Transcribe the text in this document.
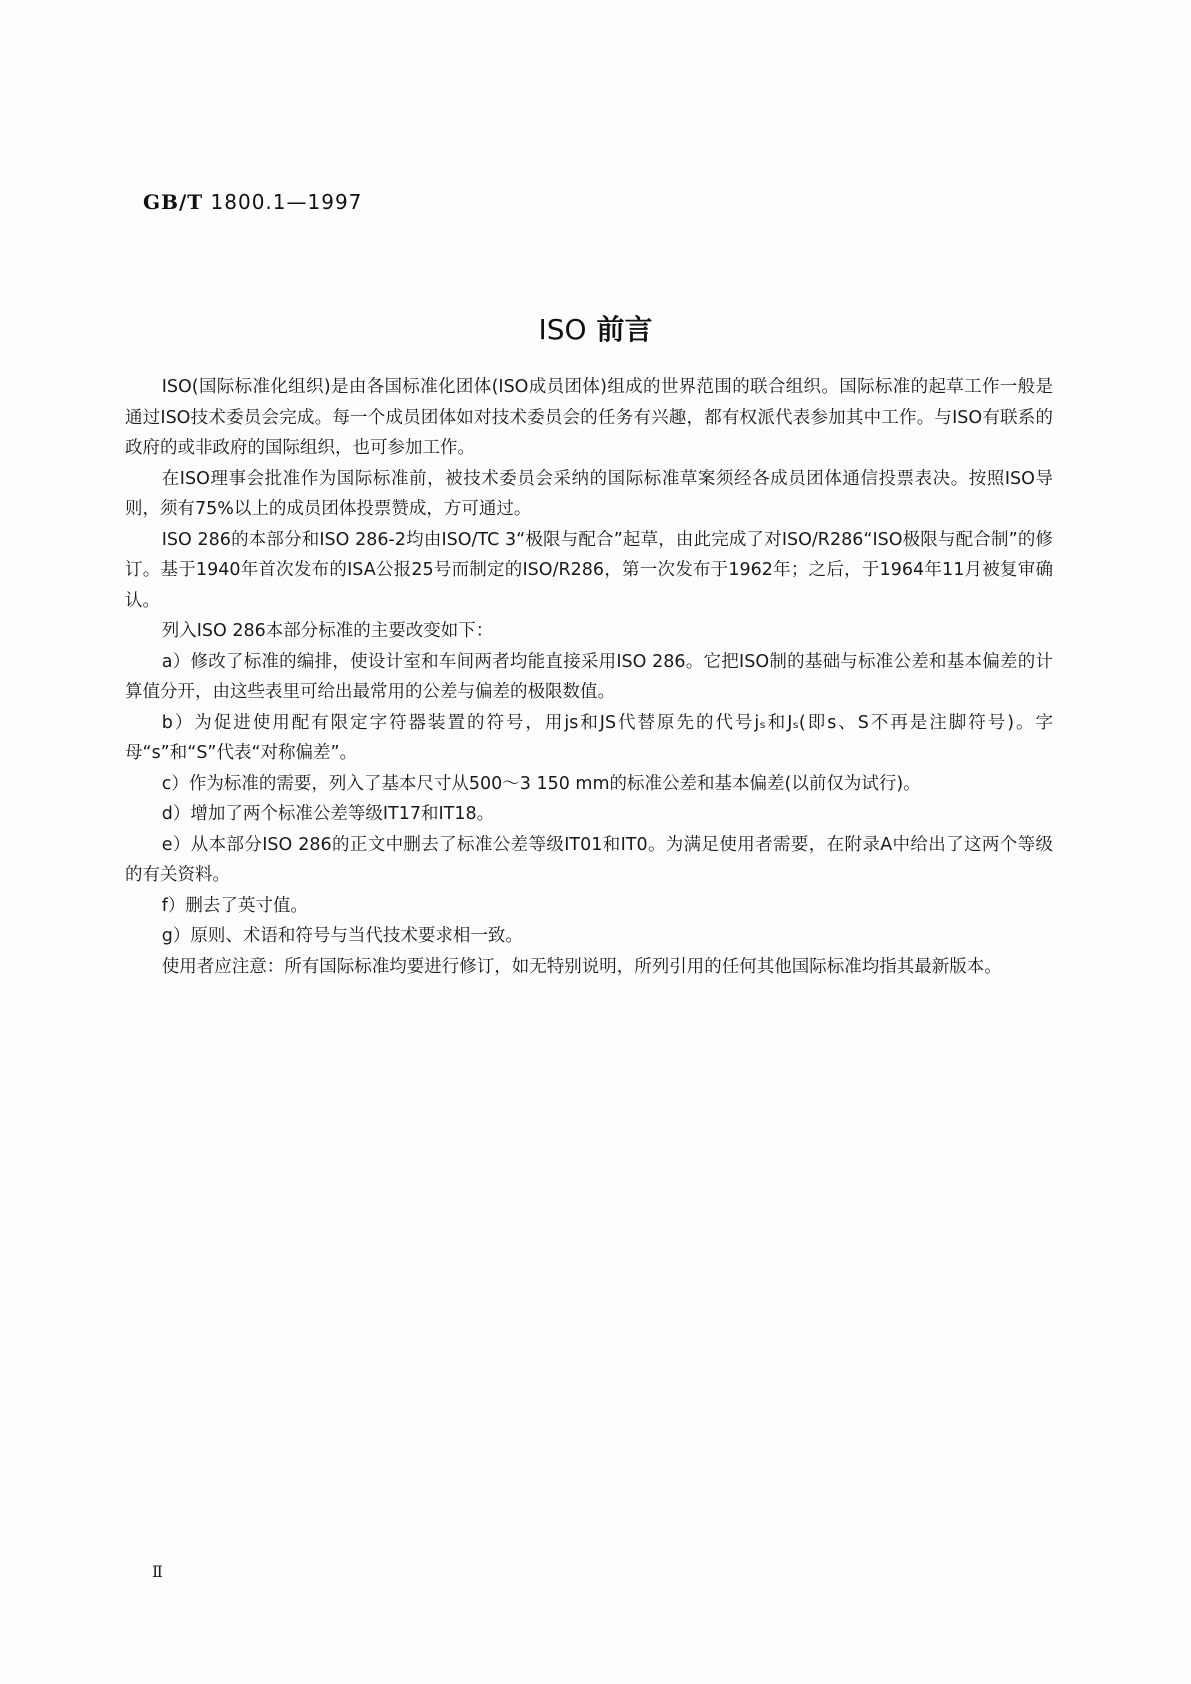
GB/T 1800.1—1997
ISO 前言

ISO(国际标准化组织)是由各国标准化团体(ISO成员团体)组成的世界范围的联合组织。国际标准的起草工作一般是通过ISO技术委员会完成。每一个成员团体如对技术委员会的任务有兴趣，都有权派代表参加其中工作。与ISO有联系的政府的或非政府的国际组织，也可参加工作。

在ISO理事会批准作为国际标准前，被技术委员会采纳的国际标准草案须经各成员团体通信投票表决。按照ISO导则，须有75%以上的成员团体投票赞成，方可通过。

ISO 286的本部分和ISO 286-2均由ISO/TC 3“极限与配合”起草，由此完成了对ISO/R286“ISO极限与配合制”的修订。基于1940年首次发布的ISA公报25号而制定的ISO/R286，第一次发布于1962年；之后，于1964年11月被复审确认。

列入ISO 286本部分标准的主要改变如下：

a）修改了标准的编排，使设计室和车间两者均能直接采用ISO 286。它把ISO制的基础与标准公差和基本偏差的计算值分开，由这些表里可给出最常用的公差与偏差的极限数值。

b）为促进使用配有限定字符器装置的符号，用js和JS代替原先的代号jₛ和Jₛ(即s、S不再是注脚符号)。字母“s”和“S”代表“对称偏差”。

c）作为标准的需要，列入了基本尺寸从500～3 150 mm的标准公差和基本偏差(以前仅为试行)。

d）增加了两个标准公差等级IT17和IT18。

e）从本部分ISO 286的正文中删去了标准公差等级IT01和IT0。为满足使用者需要，在附录A中给出了这两个等级的有关资料。

f）删去了英寸值。

g）原则、术语和符号与当代技术要求相一致。

使用者应注意：所有国际标准均要进行修订，如无特别说明，所列引用的任何其他国际标准均指其最新版本。

Ⅱ
